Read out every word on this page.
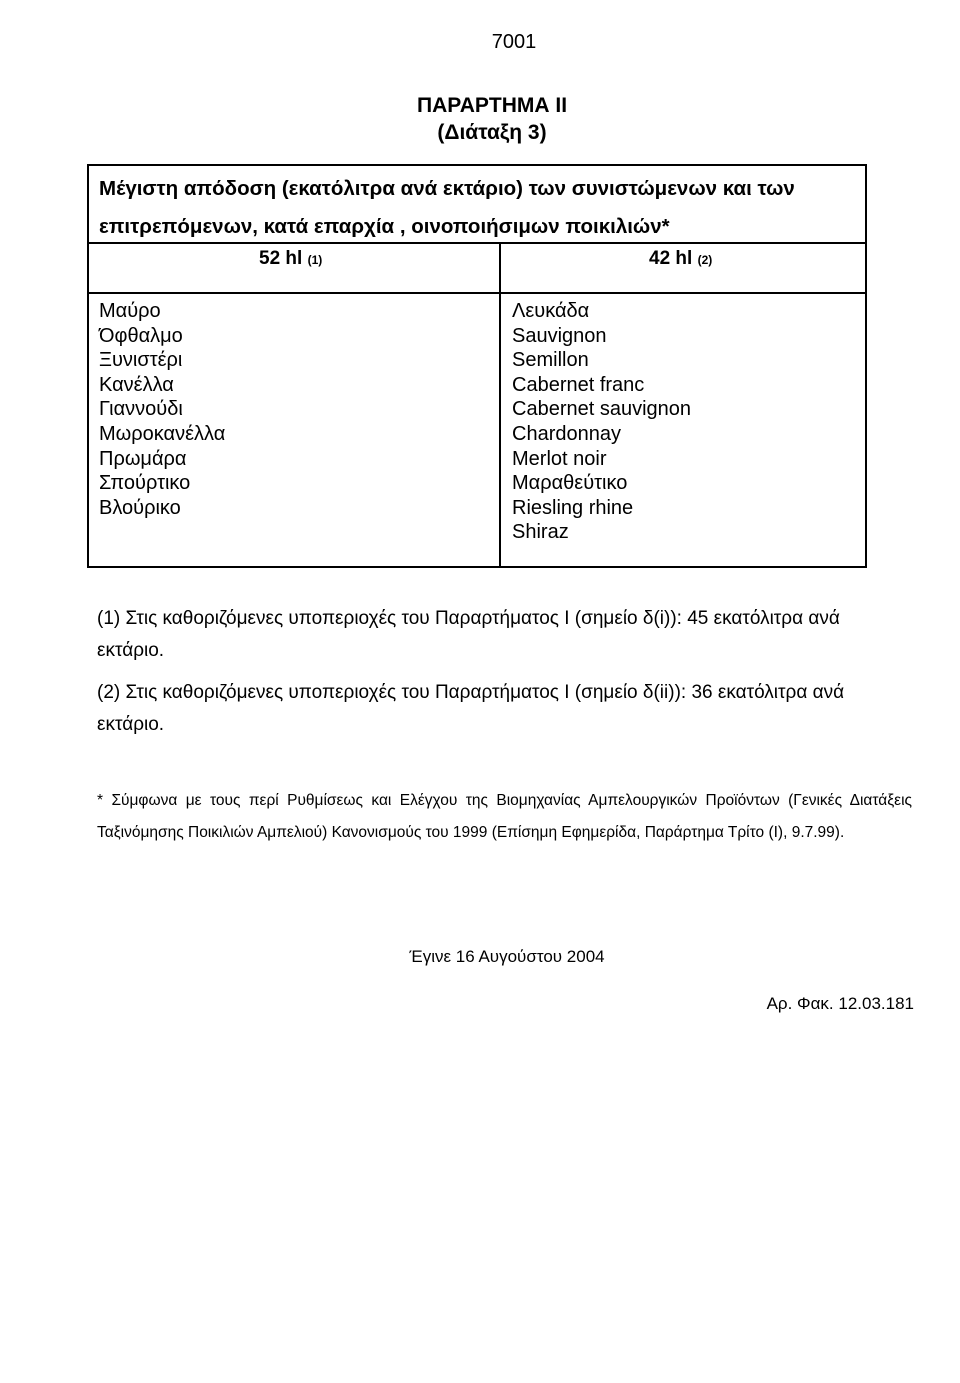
7001
ΠΑΡΑΡΤΗΜΑ II
(Διάταξη 3)
Μέγιστη απόδοση (εκατόλιτρα ανά εκτάριο) των συνιστώμενων και των
επιτρεπόμενων, κατά επαρχία , οινοποιήσιμων ποικιλιών*
52 hl (1)	42 hl (2)
Μαύρο
Όφθαλμο
Ξυνιστέρι
Κανέλλα
Γιαννούδι
Μωροκανέλλα
Πρωμάρα
Σπούρτικο
Βλούρικο
Λευκάδα
Sauvignon
Semillon
Cabernet franc
Cabernet sauvignon
Chardonnay
Merlot noir
Μαραθεύτικο
Riesling rhine
Shiraz

(1) Στις καθοριζόμενες υποπεριοχές του Παραρτήματος I (σημείο δ(i)): 45 εκατόλιτρα ανά εκτάριο.

(2) Στις καθοριζόμενες υποπεριοχές του Παραρτήματος I (σημείο δ(ii)): 36 εκατόλιτρα ανά εκτάριο.

* Σύμφωνα με τους περί Ρυθμίσεως και Ελέγχου της Βιομηχανίας Αμπελουργικών Προϊόντων (Γενικές Διατάξεις Ταξινόμησης Ποικιλιών Αμπελιού) Κανονισμούς του 1999 (Επίσημη Εφημερίδα, Παράρτημα Τρίτο (I), 9.7.99).
Έγινε 16 Αυγούστου 2004
Αρ. Φακ. 12.03.181
